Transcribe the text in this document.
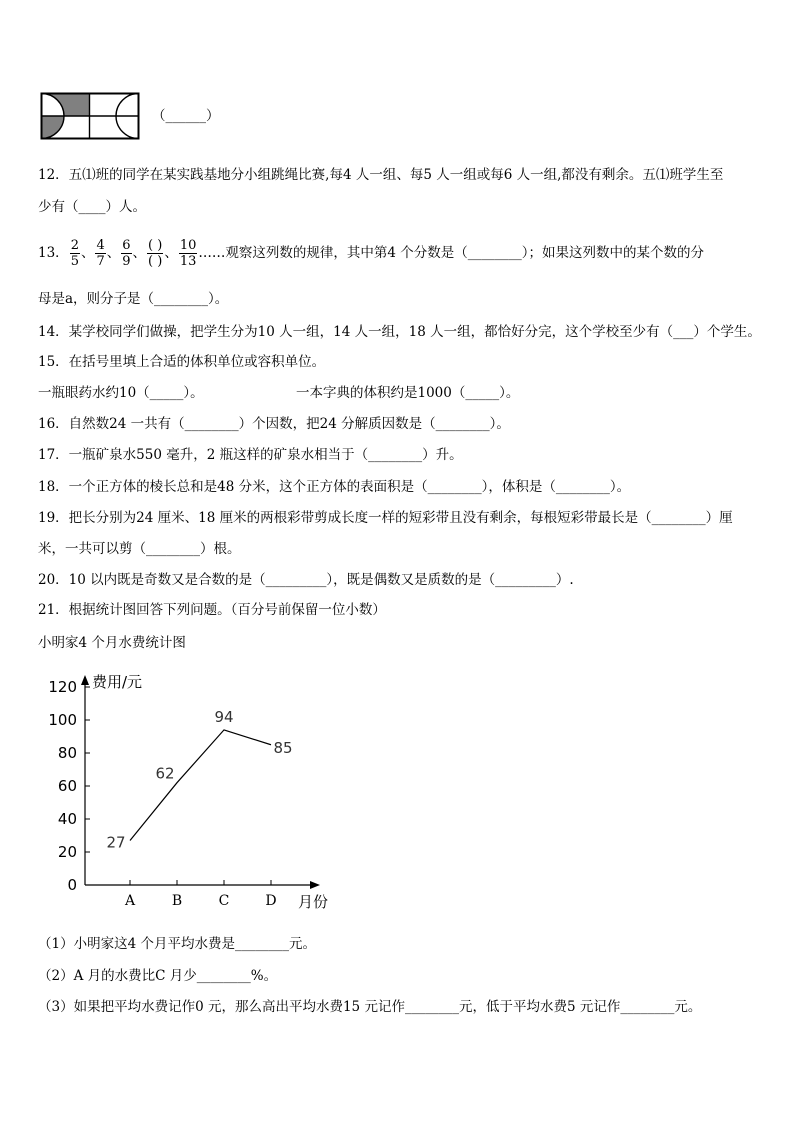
（______）
12．五⑴班的同学在某实践基地分小组跳绳比赛,每4 人一组、每5 人一组或每6 人一组,都没有剩余。五⑴班学生至
少有（____）人。
13． $\frac{2}{5}$ 、 $\frac{4}{7}$ 、 $\frac{6}{9}$ 、 $\frac{( )}{( )}$ 、 $\frac{10}{13}$ ……观察这列数的规律，其中第4 个分数是（________）；如果这列数中的某个数的分
母是a，则分子是（________）。
14．某学校同学们做操，把学生分为10 人一组，14 人一组，18 人一组，都恰好分完，这个学校至少有（___）个学生。
15．在括号里填上合适的体积单位或容积单位。
一瓶眼药水约10（_____）。	一本字典的体积约是1000（_____）。
16．自然数24 一共有（________）个因数，把24 分解质因数是（________）。
17．一瓶矿泉水550 毫升，2 瓶这样的矿泉水相当于（________）升。
18．一个正方体的棱长总和是48 分米，这个正方体的表面积是（________），体积是（________）。
19．把长分别为24 厘米、18 厘米的两根彩带剪成长度一样的短彩带且没有剩余，每根短彩带最长是（________）厘
米，一共可以剪（________）根。
20．10 以内既是奇数又是合数的是（_________），既是偶数又是质数的是（_________）.
21．根据统计图回答下列问题。（百分号前保留一位小数）
小明家4 个月水费统计图
费用/元
月份
0
20
40
60
80
100
120
A	B	C	D
27
62
94
85
（1）小明家这4 个月平均水费是________元。
（2）A 月的水费比C 月少________%。
（3）如果把平均水费记作0 元，那么高出平均水费15 元记作________元，低于平均水费5 元记作________元。
